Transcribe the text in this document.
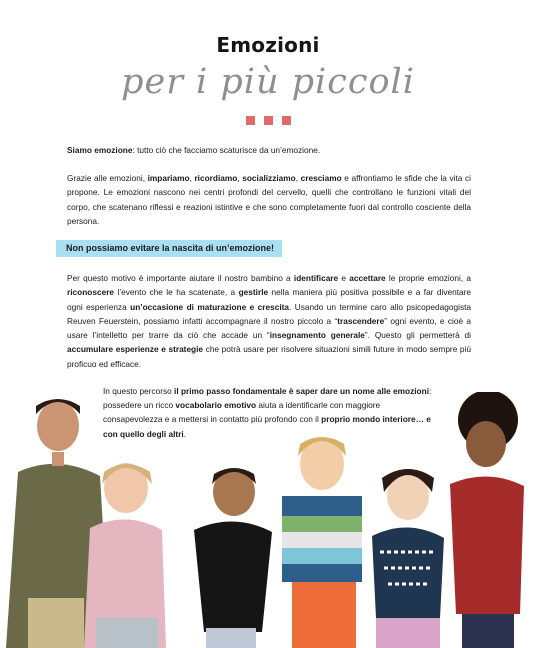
Emozioni
per i più piccoli
Siamo emozione: tutto ciò che facciamo scaturisce da un’emozione.
Grazie alle emozioni, impariamo, ricordiamo, socializziamo, cresciamo e affrontiamo le sfide che la vita ci propone. Le emozioni nascono nei centri profondi del cervello, quelli che controllano le funzioni vitali del corpo, che scatenano riflessi e reazioni istintive e che sono completamente fuori dal controllo cosciente della persona.
Non possiamo evitare la nascita di un’emozione!
Per questo motivo è importante aiutare il nostro bambino a identificare e accettare le proprie emozioni, a riconoscere l’evento che le ha scatenate, a gestirle nella maniera più positiva possibile e a far diventare ogni esperienza un’occasione di maturazione e crescita. Usando un termine caro allo psicopedagogista Reuven Feuerstein, possiamo infatti accompagnare il nostro piccolo a “trascendere” ogni evento, e cioè a usare l’intelletto per trarre da ciò che accade un “insegnamento generale”. Questo gli permetterà di accumulare esperienze e strategie che potrà usare per risolvere situazioni simili future in modo sempre più proficuo ed efficace.
In questo percorso il primo passo fondamentale è saper dare un nome alle emozioni: possedere un ricco vocabolario emotivo aiuta a identificarle con maggiore consapevolezza e a mettersi in contatto più profondo con il proprio mondo interiore… e con quello degli altri.
